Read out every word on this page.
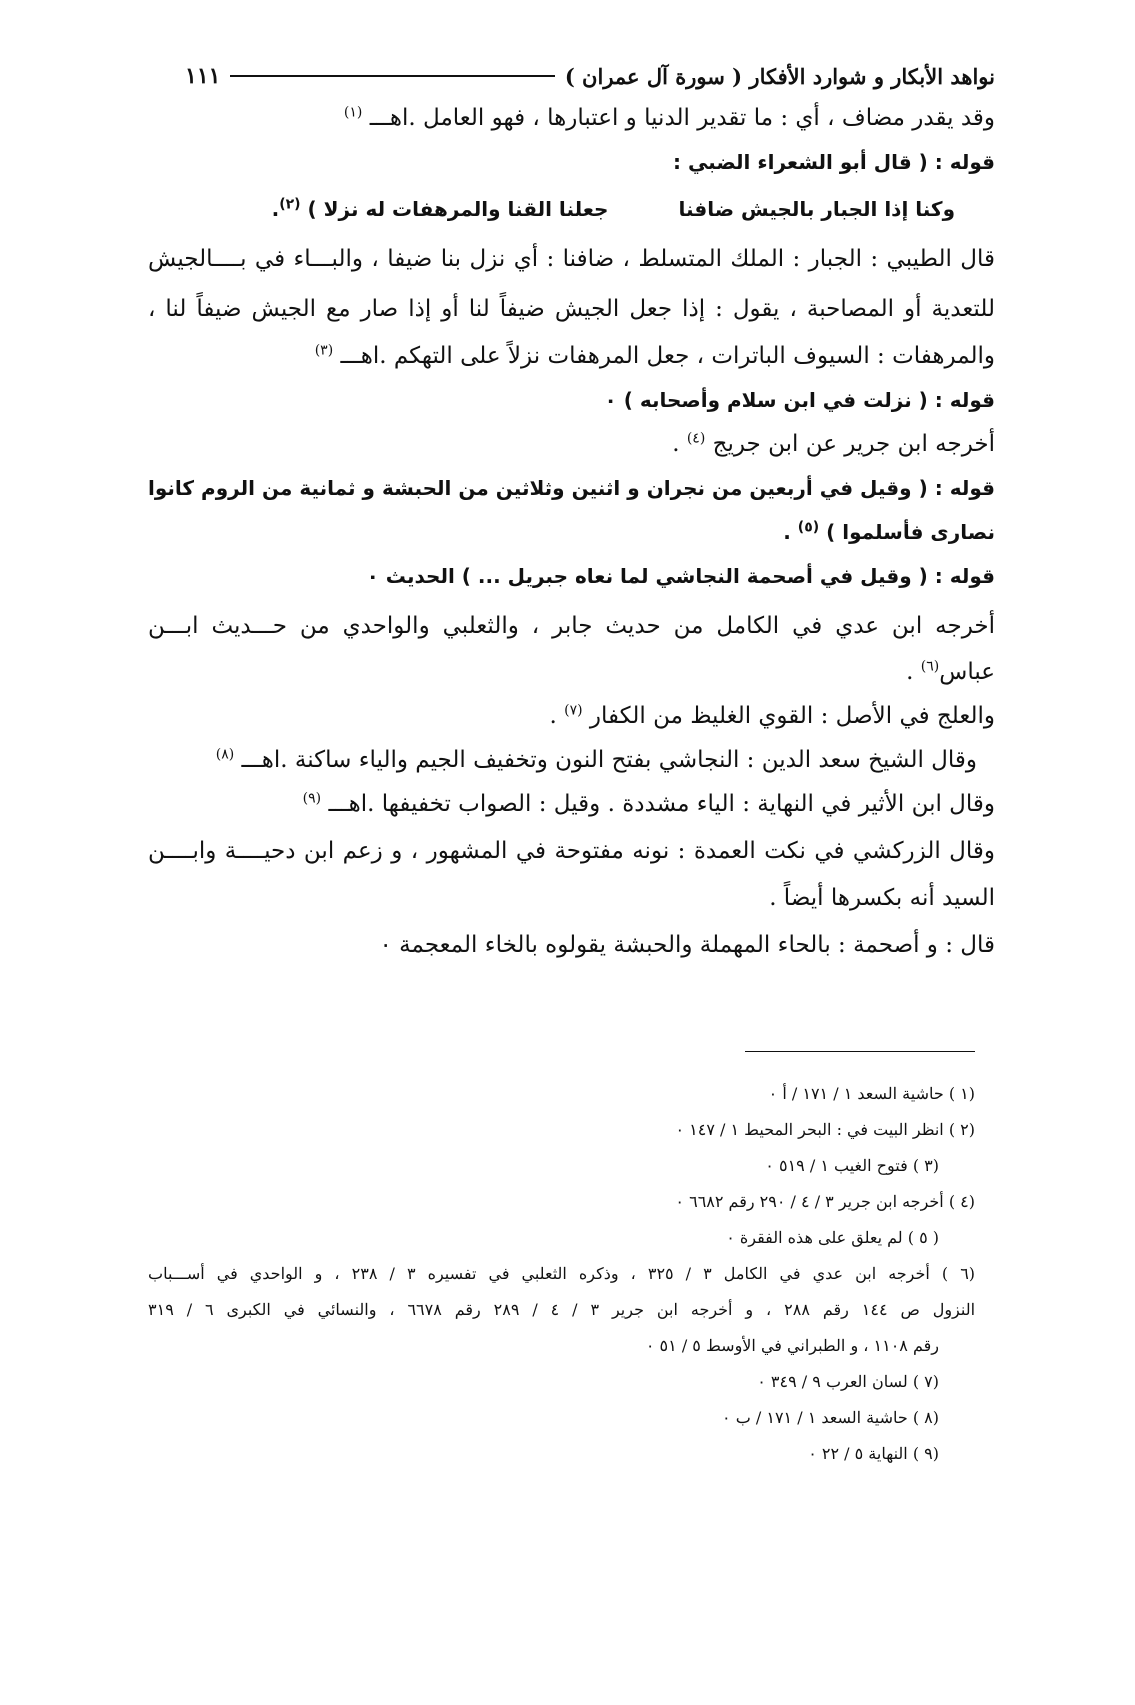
نواهد الأبكار و شوارد الأفكار ( سورة آل عمران )
١١١
وقد يقدر مضاف ، أي : ما تقدير الدنيا و اعتبارها ، فهو العامل .اهـــ $^{(١)}$
قوله : ( قال أبو الشعراء الضبي :
وكنا إذا الجبار بالجيش ضافنا
جعلنا القنا والمرهفات له نزلا ) $^{(٢)}$.
قال الطيبي : الجبار : الملك المتسلط ، ضافنا : أي نزل بنا ضيفا ، والبـــاء في بــــالجيش
للتعدية أو المصاحبة ، يقول : إذا جعل الجيش ضيفاً لنا أو إذا صار مع الجيش ضيفاً لنا ،
والمرهفات : السيوف الباترات ، جعل المرهفات نزلاً على التهكم .اهـــ $^{(٣)}$
قوله : ( نزلت في ابن سلام وأصحابه ) ٠
أخرجه ابن جرير عن ابن جريج $^{(٤)}$ .
قوله : ( وقيل في أربعين من نجران و اثنين وثلاثين من الحبشة و ثمانية من الروم كانوا
نصارى فأسلموا ) $^{(٥)}$ .
قوله : ( وقيل في أصحمة النجاشي لما نعاه جبريل ... ) الحديث ٠
أخرجه ابن عدي في الكامل من حديث جابر ، والثعلبي والواحدي من حـــديث ابـــن
عباس$^{(٦)}$ .
والعلج في الأصل : القوي الغليظ من الكفار $^{(٧)}$ .
وقال الشيخ سعد الدين : النجاشي بفتح النون وتخفيف الجيم والياء ساكنة .اهـــ $^{(٨)}$
وقال ابن الأثير في النهاية : الياء مشددة . وقيل : الصواب تخفيفها .اهـــ $^{(٩)}$
وقال الزركشي في نكت العمدة : نونه مفتوحة في المشهور ، و زعم ابن دحيــــة وابــــن
السيد أنه بكسرها أيضاً .
قال : و أصحمة : بالحاء المهملة والحبشة يقولوه بالخاء المعجمة ٠
(١ ) حاشية السعد ١ / ١٧١ / أ ٠
(٢ ) انظر البيت في : البحر المحيط ١ / ١٤٧ ٠
(٣ ) فتوح الغيب ١ / ٥١٩ ٠
(٤ ) أخرجه ابن جرير ٣ / ٤ / ٢٩٠ رقم ٦٦٨٢ ٠
( ٥ ) لم يعلق على هذه الفقرة ٠
(٦ ) أخرجه ابن عدي في الكامل ٣ / ٣٢٥ ، وذكره الثعلبي في تفسيره ٣ / ٢٣٨ ، و الواحدي في أســـباب
النزول ص ١٤٤ رقم ٢٨٨ ، و أخرجه ابن جرير ٣ / ٤ / ٢٨٩ رقم ٦٦٧٨ ، والنسائي في الكبرى ٦ / ٣١٩
رقم ١١٠٨ ، و الطبراني في الأوسط ٥ / ٥١ ٠
(٧ ) لسان العرب ٩ / ٣٤٩ ٠
(٨ ) حاشية السعد ١ / ١٧١ / ب ٠
(٩ ) النهاية ٥ / ٢٢ ٠
